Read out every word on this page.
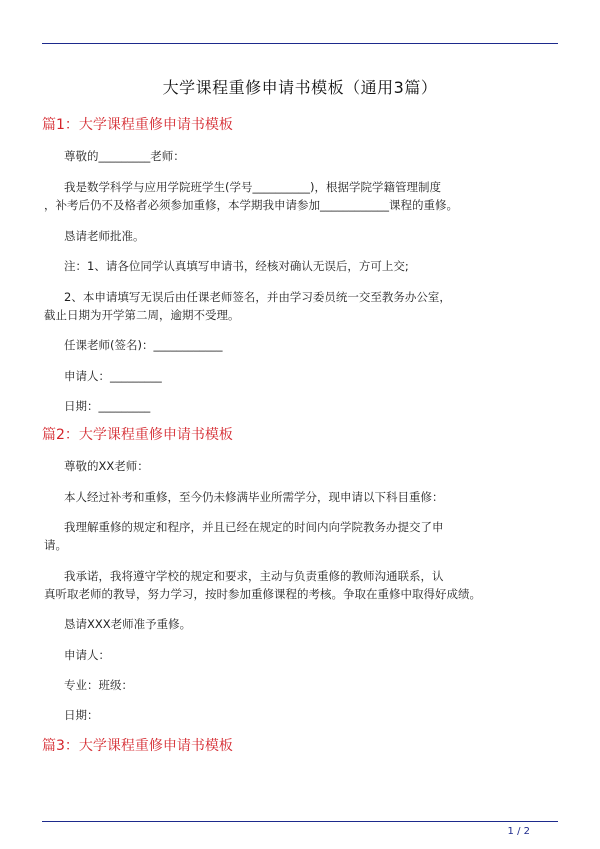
大学课程重修申请书模板（通用3篇）
篇1：大学课程重修申请书模板
尊敬的_________老师：
我是数学科学与应用学院班学生(学号__________)，根据学院学籍管理制度
，补考后仍不及格者必须参加重修，本学期我申请参加____________课程的重修。
恳请老师批准。
注：1、请各位同学认真填写申请书，经核对确认无误后，方可上交;
2、本申请填写无误后由任课老师签名，并由学习委员统一交至教务办公室，
截止日期为开学第二周，逾期不受理。
任课老师(签名)：____________
申请人：_________
日期：_________
篇2：大学课程重修申请书模板
尊敬的XX老师：
本人经过补考和重修，至今仍未修满毕业所需学分，现申请以下科目重修：
我理解重修的规定和程序，并且已经在规定的时间内向学院教务办提交了申
请。
我承诺，我将遵守学校的规定和要求，主动与负责重修的教师沟通联系，认
真听取老师的教导，努力学习，按时参加重修课程的考核。争取在重修中取得好成绩。
恳请XXX老师准予重修。
申请人：
专业：班级：
日期：
篇3：大学课程重修申请书模板
1 / 2
